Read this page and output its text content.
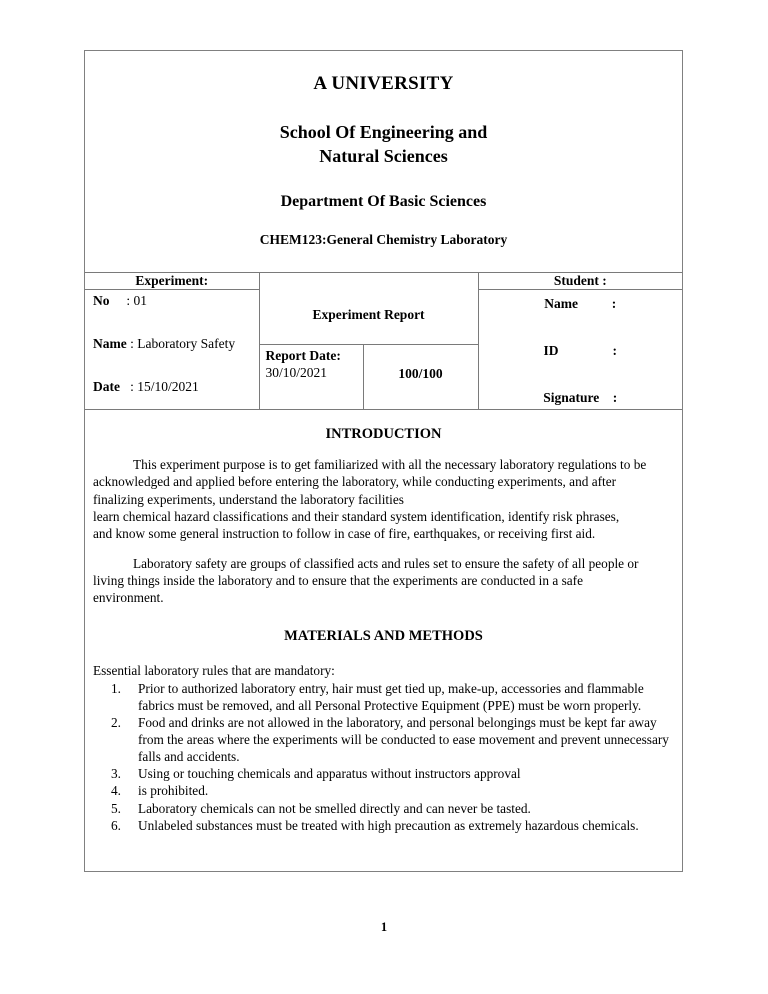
A UNIVERSITY
School Of Engineering and
Natural Sciences
Department Of Basic Sciences
CHEM123:General Chemistry Laboratory
Experiment:	Experiment Report		Student :

No     : 01
Name : Laboratory Safety
Date   : 15/10/2021

Name          :
ID                :
Signature    :

	Report Date:
30/10/2021	100/100	
INTRODUCTION
This experiment purpose is to get familiarized with all the necessary laboratory regulations to be
acknowledged and applied before entering the laboratory, while conducting experiments, and after
finalizing experiments, understand the laboratory facilities
learn chemical hazard classifications and their standard system identification, identify risk phrases,
and know some general instruction to follow in case of fire, earthquakes, or receiving first aid.
Laboratory safety are groups of classified acts and rules set to ensure the safety of all people or
living things inside the laboratory and to ensure that the experiments are conducted in a safe
environment.
MATERIALS AND METHODS
Essential laboratory rules that are mandatory:
1. Prior to authorized laboratory entry, hair must get tied up, make-up, accessories and flammable fabrics must be removed, and all Personal Protective Equipment (PPE) must be worn properly.
2. Food and drinks are not allowed in the laboratory, and personal belongings must be kept far away from the areas where the experiments will be conducted to ease movement and prevent unnecessary falls and accidents.
3. Using or touching chemicals and apparatus without instructors approval
4. is prohibited.
5. Laboratory chemicals can not be smelled directly and can never be tasted.
6. Unlabeled substances must be treated with high precaution as extremely hazardous chemicals.
1
